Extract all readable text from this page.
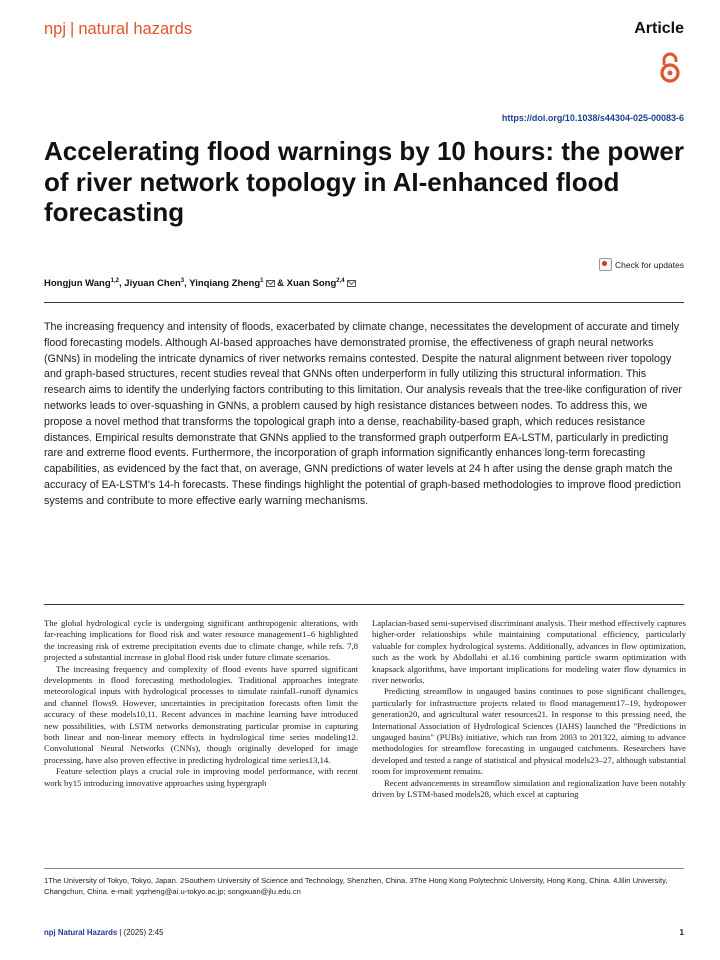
npj | natural hazards	Article
https://doi.org/10.1038/s44304-025-00083-6
Accelerating flood warnings by 10 hours: the power of river network topology in AI-enhanced flood forecasting
Check for updates
Hongjun Wang$^{1,2}$, Jiyuan Chen$^3$, Yinqiang Zheng$^1$ & Xuan Song$^{2,4}$

The increasing frequency and intensity of floods, exacerbated by climate change, necessitates the development of accurate and timely flood forecasting models. Although AI-based approaches have demonstrated promise, the effectiveness of graph neural networks (GNNs) in modeling the intricate dynamics of river networks remains contested. Despite the natural alignment between river topology and graph-based structures, recent studies reveal that GNNs often underperform in fully utilizing this structural information. This research aims to identify the underlying factors contributing to this limitation. Our analysis reveals that the tree-like configuration of river networks leads to over-squashing in GNNs, a problem caused by high resistance distances between nodes. To address this, we propose a novel method that transforms the topological graph into a dense, reachability-based graph, which reduces resistance distances. Empirical results demonstrate that GNNs applied to the transformed graph outperform EA-LSTM, particularly in predicting rare and extreme flood events. Furthermore, the incorporation of graph information significantly enhances long-term forecasting capabilities, as evidenced by the fact that, on average, GNN predictions of water levels at 24 h after using the dense graph match the accuracy of EA-LSTM's 14-h forecasts. These findings highlight the potential of graph-based methodologies to improve flood prediction systems and contribute to more effective early warning mechanisms.

The global hydrological cycle is undergoing significant anthropogenic alterations, with far-reaching implications for flood risk and water resource management1–6 highlighted the increasing risk of extreme precipitation events due to climate change, while refs. 7,8 projected a substantial increase in global flood risk under future climate scenarios.

The increasing frequency and complexity of flood events have spurred significant developments in flood forecasting methodologies. Traditional approaches integrate meteorological inputs with hydrological processes to simulate rainfall–runoff dynamics and channel flows9. However, uncertainties in precipitation forecasts often limit the accuracy of these models10,11. Recent advances in machine learning have introduced new possibilities, with LSTM networks demonstrating particular promise in capturing both linear and non-linear memory effects in hydrological time series modeling12. Convolutional Neural Networks (CNNs), though originally developed for image processing, have also proven effective in predicting hydrological time series13,14.

Feature selection plays a crucial role in improving model performance, with recent work by15 introducing innovative approaches using hypergraph

Laplacian-based semi-supervised discriminant analysis. Their method effectively captures higher-order relationships while maintaining computational efficiency, particularly valuable for complex hydrological systems. Additionally, advances in flow optimization, such as the work by Abdollahi et al.16 combining particle swarm optimization with knapsack algorithms, have important implications for modeling water flow dynamics in river networks.

Predicting streamflow in ungauged basins continues to pose significant challenges, particularly for infrastructure projects related to flood management17–19, hydropower generation20, and agricultural water resources21. In response to this pressing need, the International Association of Hydrological Sciences (IAHS) launched the "Predictions in ungauged basins" (PUBs) initiative, which ran from 2003 to 201322, aiming to advance methodologies for streamflow forecasting in ungauged catchments. Researchers have developed and tested a range of statistical and physical models23–27, although substantial room for improvement remains.

Recent advancements in streamflow simulation and regionalization have been notably driven by LSTM-based models28, which excel at capturing

1The University of Tokyo, Tokyo, Japan. 2Southern University of Science and Technology, Shenzhen, China. 3The Hong Kong Polytechnic University, Hong Kong, China. 4Jilin University, Changchun, China. e-mail: yqzheng@ai.u-tokyo.ac.jp; songxuan@jlu.edu.cn
npj Natural Hazards | (2025) 2:45	1
